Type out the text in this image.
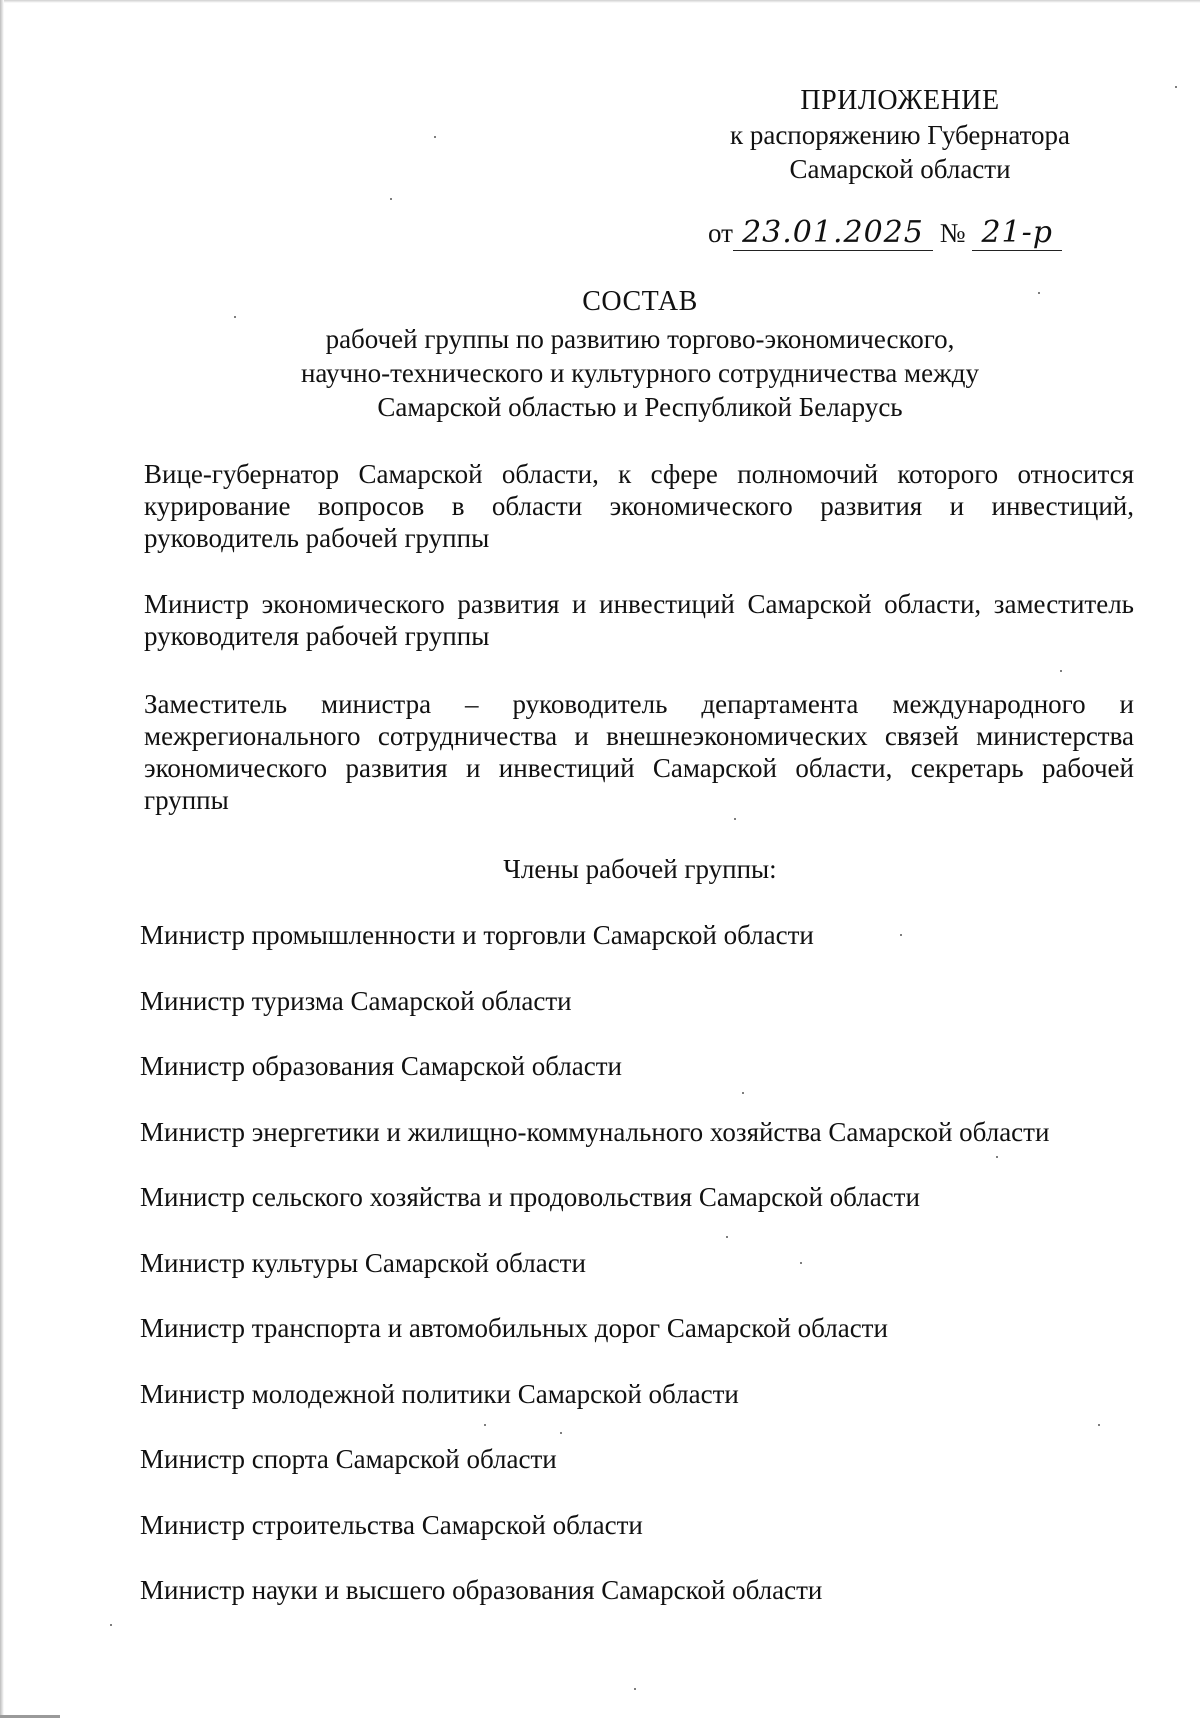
ПРИЛОЖЕНИЕ
к распоряжению Губернатора
Самарской области
от 23.01.2025 № 21-р
СОСТАВ
рабочей группы по развитию торгово-экономического,
научно-технического и культурного сотрудничества между
Самарской областью и Республикой Беларусь
Вице-губернатор Самарской области, к сфере полномочий которого относится курирование вопросов в области экономического развития и инвестиций, руководитель рабочей группы
Министр экономического развития и инвестиций Самарской области, заместитель руководителя рабочей группы
Заместитель министра – руководитель департамента международного и межрегионального сотрудничества и внешнеэкономических связей министерства экономического развития и инвестиций Самарской области, секретарь рабочей группы
Члены рабочей группы:
Министр промышленности и торговли Самарской области
Министр туризма Самарской области
Министр образования Самарской области
Министр энергетики и жилищно-коммунального хозяйства Самарской области
Министр сельского хозяйства и продовольствия Самарской области
Министр культуры Самарской области
Министр транспорта и автомобильных дорог Самарской области
Министр молодежной политики Самарской области
Министр спорта Самарской области
Министр строительства Самарской области
Министр науки и высшего образования Самарской области
